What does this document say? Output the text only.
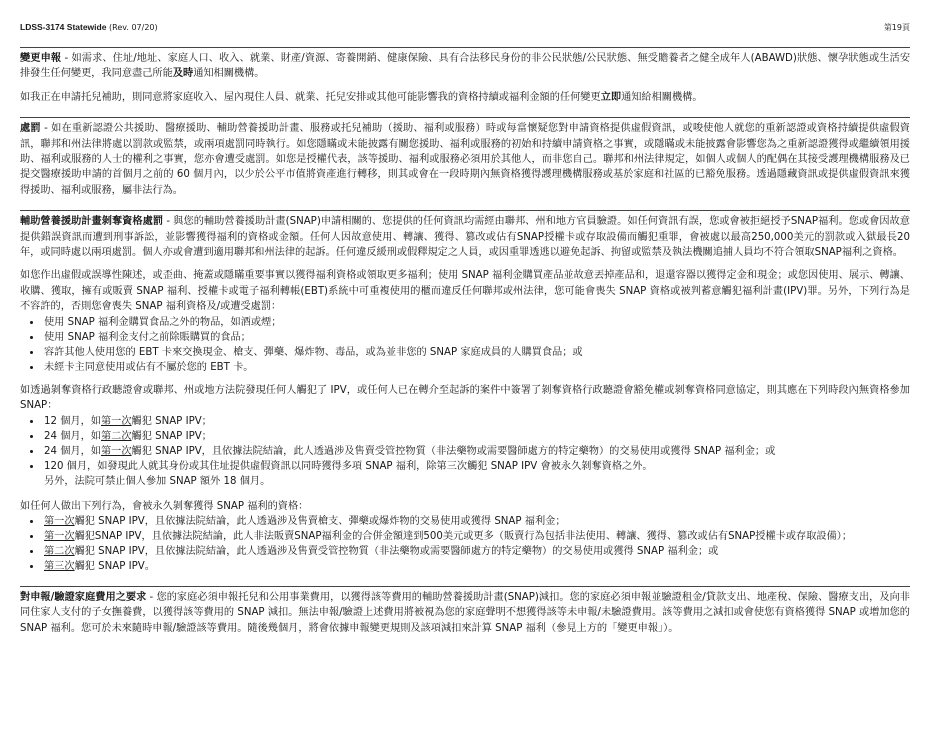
LDSS-3174 Statewide (Rev. 07/20)	第19頁

變更申報 - 如需求、住址/地址、家庭人口、收入、就業、財產/資源、寄養開銷、健康保險、具有合法移民身份的非公民狀態/公民狀態、無受贍養者之健全成年人(ABAWD)狀態、懷孕狀態或生活安排發生任何變更，我同意盡己所能及時通知相關機構。

如我正在申請托兒補助，則同意將家庭收入、屋內現住人員、就業、托兒安排或其他可能影響我的資格持續或福利金額的任何變更立即通知給相關機構。

處罰 - 如在重新認證公共援助、醫療援助、輔助營養援助計畫、服務或托兒補助（援助、福利或服務）時或每當懷疑您對申請資格提供虛假資訊，或唆使他人就您的重新認證或資格持續提供虛假資訊，聯邦和州法律將處以罰款或監禁，或兩項處罰同時執行。如您隱瞞或未能披露有關您援助、福利或服務的初始和持續申請資格之事實，或隱瞞或未能披露會影響您為之重新認證獲得或繼續領用援助、福利或服務的人士的權利之事實，您亦會遭受處罰。如您是授權代表，該等援助、福利或服務必須用於其他人，而非您自己。聯邦和州法律規定，如個人或個人的配偶在其接受護理機構服務及已提交醫療援助申請的首個月之前的 60 個月內，以少於公平市值將資產進行轉移，則其或會在一段時期內無資格獲得護理機構服務或基於家庭和社區的已豁免服務。透過隱藏資訊或提供虛假資訊來獲得援助、福利或服務，屬非法行為。

輔助營養援助計畫剝奪資格處罰 - 與您的輔助營養援助計畫(SNAP)申請相關的、您提供的任何資訊均需經由聯邦、州和地方官員驗證。如任何資訊有誤，您或會被拒絕授予SNAP福利。您或會因故意提供錯誤資訊而遭到刑事訴訟，並影響獲得福利的資格或金額。任何人因故意使用、轉讓、獲得、篡改或佔有SNAP授權卡或存取設備而觸犯重罪，會被處以最高250,000美元的罰款或入獄最長20年，或同時處以兩項處罰。個人亦或會遭到適用聯邦和州法律的起訴。任何違反緩刑或假釋規定之人員，或因重罪透逃以避免起訴、拘留或監禁及執法機關追捕人員均不符合領取SNAP福利之資格。

如您作出虛假或誤導性陳述，或歪曲、掩蓋或隱瞞重要事實以獲得福利資格或領取更多福利；使用 SNAP 福利金購買產品並故意丟掉產品和，退還容器以獲得定金和現金；或您因使用、展示、轉讓、收購、獲取，擁有或販賣 SNAP 福利、授權卡或電子福利轉帳(EBT)系統中可重複使用的櫃而違反任何聯邦或州法律，您可能會喪失 SNAP 資格或被判蓄意觸犯福利計畫(IPV)罪。另外，下列行為是不容許的，否則您會喪失 SNAP 福利資格及/或遭受處罰：

• 使用 SNAP 福利金購買食品之外的物品，如酒或煙；
• 使用 SNAP 福利金支付之前除賬購買的食品；
• 容許其他人使用您的 EBT 卡來交換現金、槍支、彈藥、爆炸物、毒品，或為並非您的 SNAP 家庭成員的人購買食品；或
• 未經卡主同意使用或佔有不屬於您的 EBT 卡。

如透過剝奪資格行政聽證會或聯邦、州或地方法院發現任何人觸犯了 IPV，或任何人已在轉介至起訴的案件中簽署了剝奪資格行政聽證會豁免權或剝奪資格同意協定，則其應在下列時段內無資格參加 SNAP：

• 12 個月，如第一次觸犯 SNAP IPV；
• 24 個月，如第二次觸犯 SNAP IPV；
• 24 個月，如第一次觸犯 SNAP IPV，且依據法院結論，此人透過涉及售賣受管控物質（非法藥物或需要醫師處方的特定藥物）的交易使用或獲得 SNAP 福利金；或
• 120 個月，如發現此人就其身份或其住址提供虛假資訊以同時獲得多項 SNAP 福利，除第三次觸犯 SNAP IPV 會被永久剝奪資格之外。
另外，法院可禁止個人參加 SNAP 額外 18 個月。

如任何人做出下列行為，會被永久剝奪獲得 SNAP 福利的資格：

• 第一次觸犯 SNAP IPV，且依據法院結論，此人透過涉及售賣槍支、彈藥或爆炸物的交易使用或獲得 SNAP 福利金；
• 第一次觸犯SNAP IPV，且依據法院結論，此人非法販賣SNAP福利金的合併金額達到500美元或更多（販賣行為包括非法使用、轉讓、獲得、篡改或佔有SNAP授權卡或存取設備）；
• 第二次觸犯 SNAP IPV，且依據法院結論，此人透過涉及售賣受管控物質（非法藥物或需要醫師處方的特定藥物）的交易使用或獲得 SNAP 福利金；或
• 第三次觸犯 SNAP IPV。

對申報/驗證家庭費用之要求 - 您的家庭必須申報托兒和公用事業費用，以獲得該等費用的輔助營養援助計畫(SNAP)減扣。您的家庭必須申報並驗證租金/貸款支出、地產稅、保險、醫療支出，及向非同住家人支付的子女撫養費，以獲得該等費用的 SNAP 減扣。無法申報/驗證上述費用將被視為您的家庭聲明不想獲得該等未申報/未驗證費用。該等費用之減扣或會使您有資格獲得 SNAP 或增加您的 SNAP 福利。您可於未來隨時申報/驗證該等費用。隨後幾個月，將會依據申報變更規則及該項減扣來計算 SNAP 福利（參見上方的「變更申報」）。
